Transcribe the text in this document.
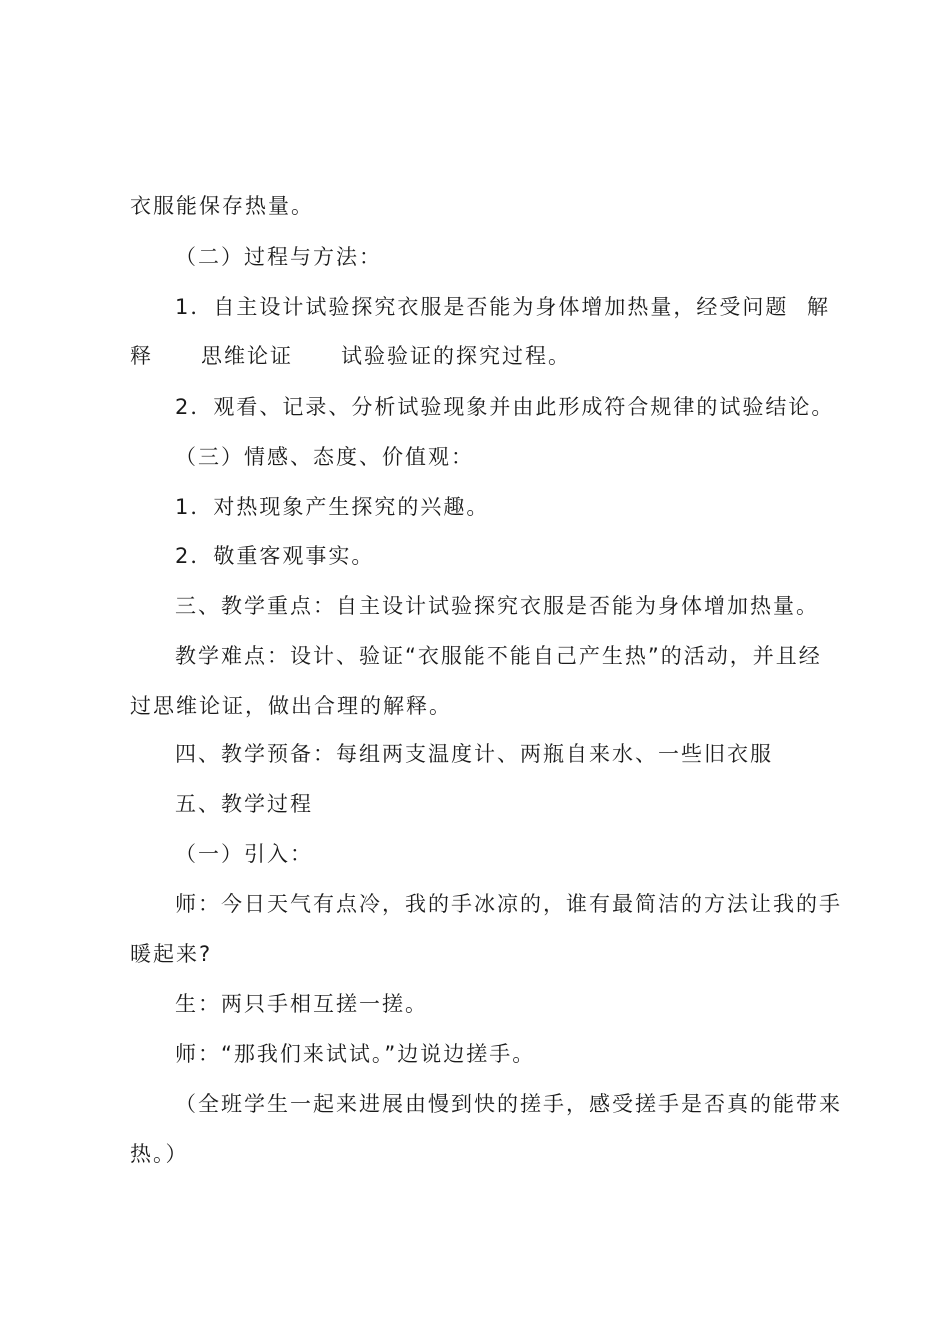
衣服能保存热量。
（二）过程与方法：
1．自主设计试验探究衣服是否能为身体增加热量，经受问题 解
释 思维论证 试验验证的探究过程。
2．观看、记录、分析试验现象并由此形成符合规律的试验结论。
（三）情感、态度、价值观：
1．对热现象产生探究的兴趣。
2．敬重客观事实。
三、教学重点：自主设计试验探究衣服是否能为身体增加热量。
教学难点：设计、验证“衣服能不能自己产生热”的活动，并且经
过思维论证，做出合理的解释。
四、教学预备：每组两支温度计、两瓶自来水、一些旧衣服
五、教学过程
（一）引入：
师：今日天气有点冷，我的手冰凉的，谁有最简洁的方法让我的手
暖起来?
生：两只手相互搓一搓。
师：“那我们来试试。”边说边搓手。
（全班学生一起来进展由慢到快的搓手，感受搓手是否真的能带来
热。）
